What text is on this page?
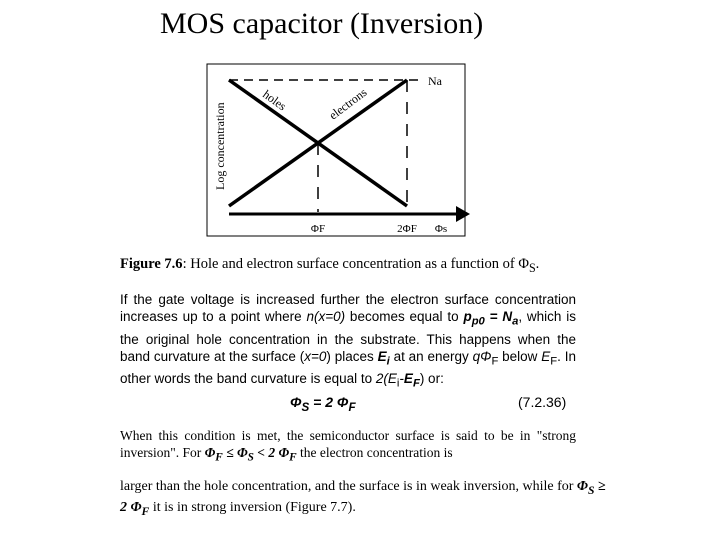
MOS capacitor (Inversion)
Log concentration
Na
holes	electrons
ΦF	2ΦF Φs
Figure 7.6: Hole and electron surface concentration as a function of $\Phi_S$.
If the gate voltage is increased further the electron surface concentration increases up to a point where n(x=0) becomes equal to $p_{p0} = N_a$, which is the original hole concentration in the substrate. This happens when the band curvature at the surface (x=0) places $E_i$ at an energy $q\Phi_F$ below $E_F$. In other words the band curvature is equal to $2(E_i-E_F)$ or:
$\Phi_S = 2$ $\Phi_F$	(7.2.36)
When this condition is met, the semiconductor surface is said to be in "strong inversion". For $\Phi_F \le \Phi_S < 2$ $\Phi_F$ the electron concentration is
larger than the hole concentration, and the surface is in weak inversion, while for $\Phi_S \ge 2$ $\Phi_F$ it is in strong inversion (Figure 7.7).
